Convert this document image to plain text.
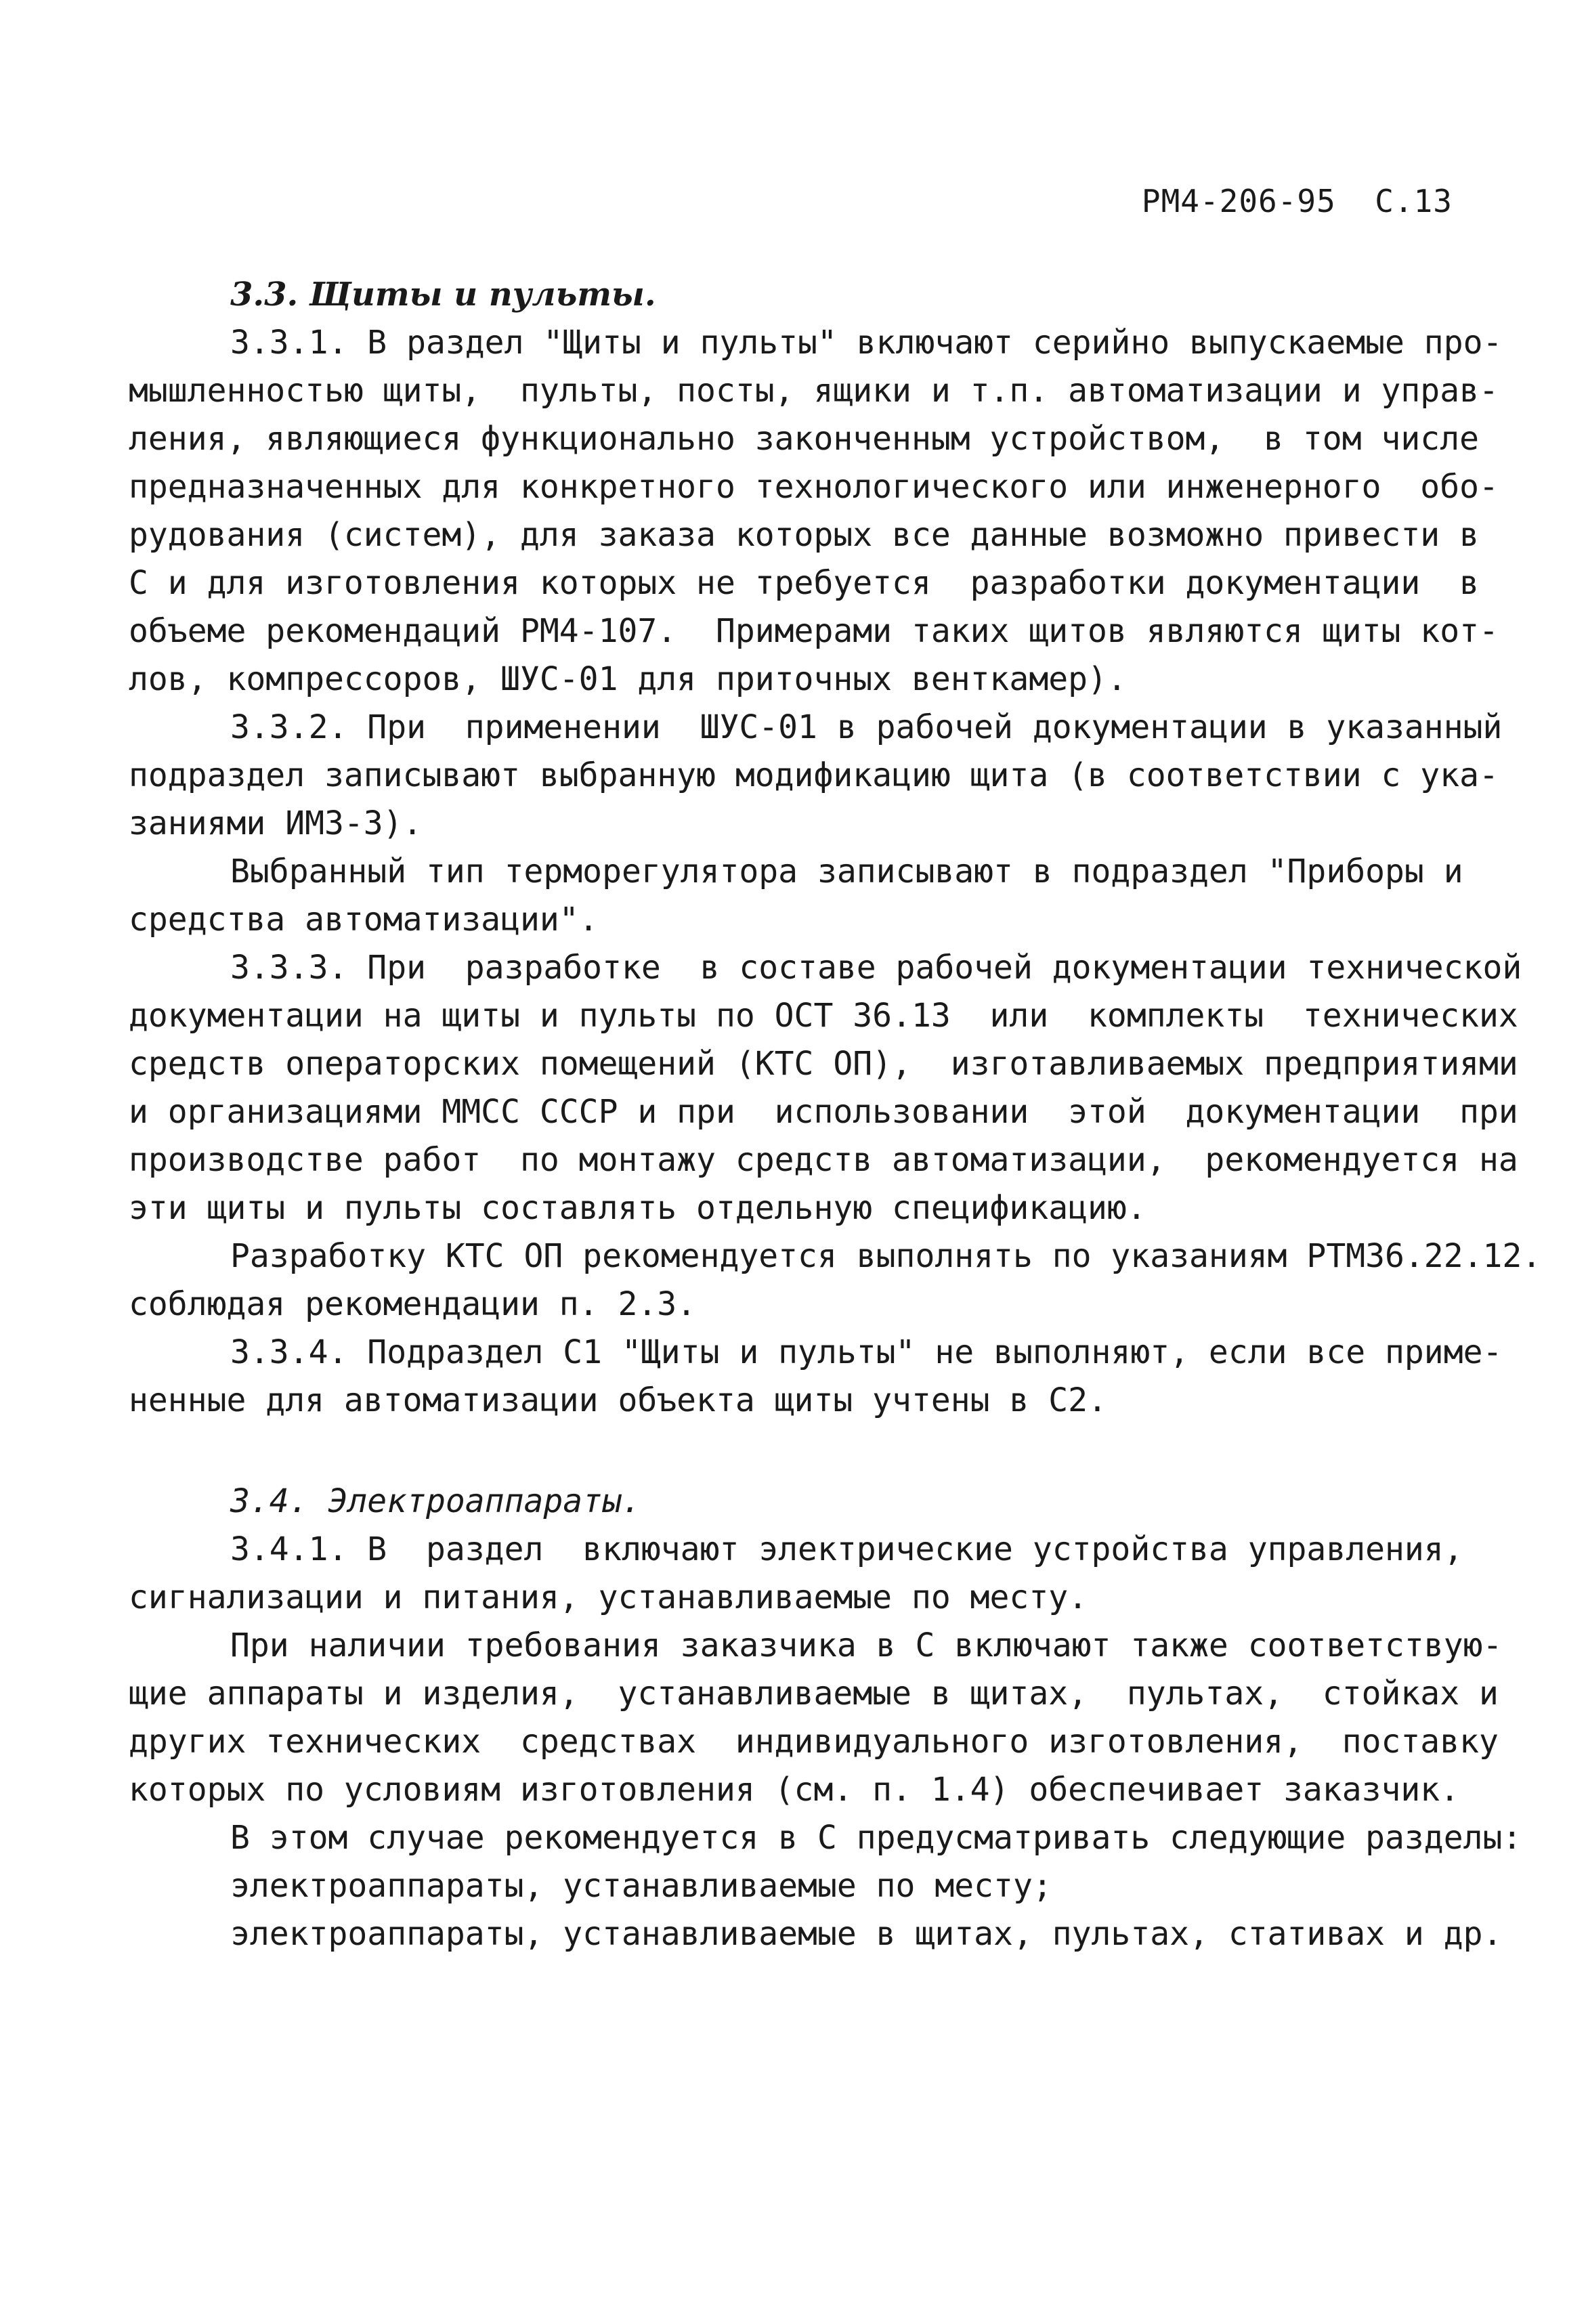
РМ4-206-95 С.13
3.3. Щиты и пульты.
3.3.1. В раздел "Щиты и пульты" включают серийно выпускаемые про-
мышленностью щиты,  пульты, посты, ящики и т.п. автоматизации и управ-
ления, являющиеся функционально законченным устройством,  в том числе
предназначенных для конкретного технологического или инженерного  обо-
рудования (систем), для заказа которых все данные возможно привести в
С и для изготовления которых не требуется  разработки документации  в
объеме рекомендаций РМ4-107.  Примерами таких щитов являются щиты кот-
лов, компрессоров, ШУС-01 для приточных венткамер).
3.3.2. При  применении  ШУС-01 в рабочей документации в указанный
подраздел записывают выбранную модификацию щита (в соответствии с ука-
заниями ИМЗ-3).
Выбранный тип терморегулятора записывают в подраздел "Приборы и
средства автоматизации".
3.3.3. При  разработке  в составе рабочей документации технической
документации на щиты и пульты по ОСТ 36.13  или  комплекты  технических
средств операторских помещений (КТС ОП),  изготавливаемых предприятиями
и организациями ММСС СССР и при  использовании  этой  документации  при
производстве работ  по монтажу средств автоматизации,  рекомендуется на
эти щиты и пульты составлять отдельную спецификацию.
Разработку КТС ОП рекомендуется выполнять по указаниям РТМ36.22.12.
соблюдая рекомендации п. 2.3.
3.3.4. Подраздел С1 "Щиты и пульты" не выполняют, если все приме-
ненные для автоматизации объекта щиты учтены в С2.
3.4. Электроаппараты.
3.4.1. В  раздел  включают электрические устройства управления,
сигнализации и питания, устанавливаемые по месту.
При наличии требования заказчика в С включают также соответствую-
щие аппараты и изделия,  устанавливаемые в щитах,  пультах,  стойках и
других технических  средствах  индивидуального изготовления,  поставку
которых по условиям изготовления (см. п. 1.4) обеспечивает заказчик.
В этом случае рекомендуется в С предусматривать следующие разделы:
электроаппараты, устанавливаемые по месту;
электроаппараты, устанавливаемые в щитах, пультах, стативах и др.
